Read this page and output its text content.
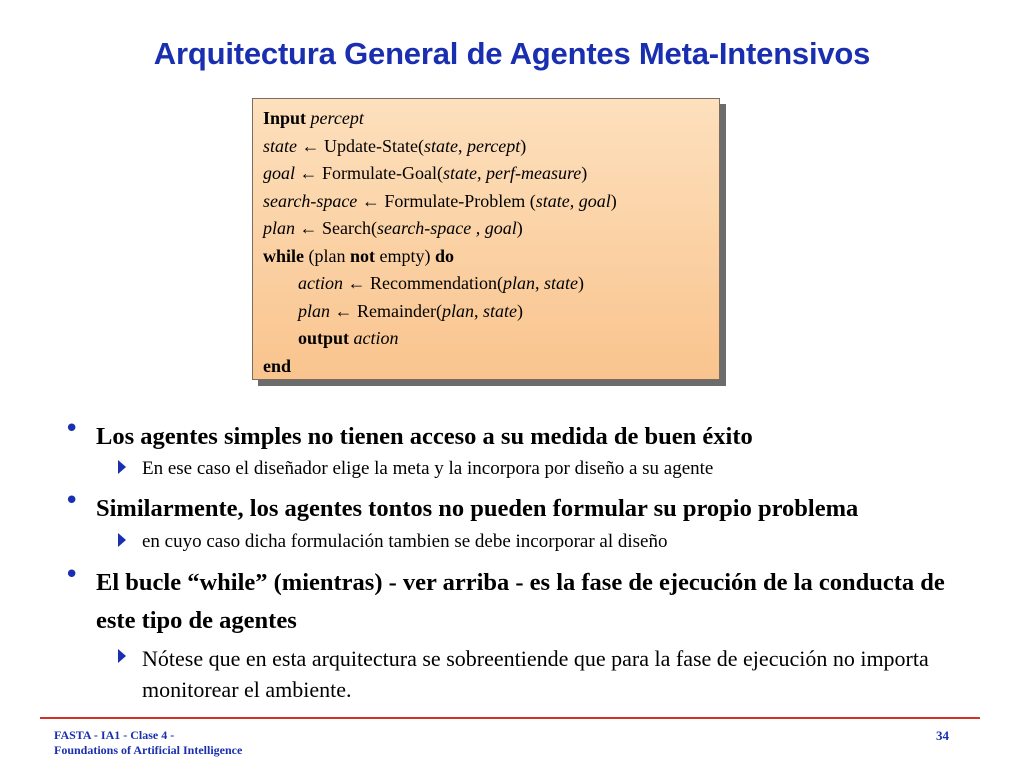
Arquitectura General de Agentes Meta-Intensivos
Input percept
state ← Update-State(state, percept)
goal ← Formulate-Goal(state, perf-measure)
search-space ← Formulate-Problem (state, goal)
plan ← Search(search-space , goal)
while (plan not empty) do
action ← Recommendation(plan, state)
plan ← Remainder(plan, state)
output action
end
• Los agentes simples no tienen acceso a su medida de buen éxito
En ese caso el diseñador elige la meta y la incorpora por diseño a su agente
• Similarmente, los agentes tontos no pueden formular su propio problema
en cuyo caso dicha formulación tambien se debe incorporar al diseño
• El bucle “while” (mientras) - ver arriba - es la fase de ejecución de la conducta de este tipo de agentes
Nótese que en esta arquitectura se sobreentiende que para la fase de ejecución no importa monitorear el ambiente.
FASTA - IA1 - Clase 4 -
Foundations of Artificial Intelligence
34
